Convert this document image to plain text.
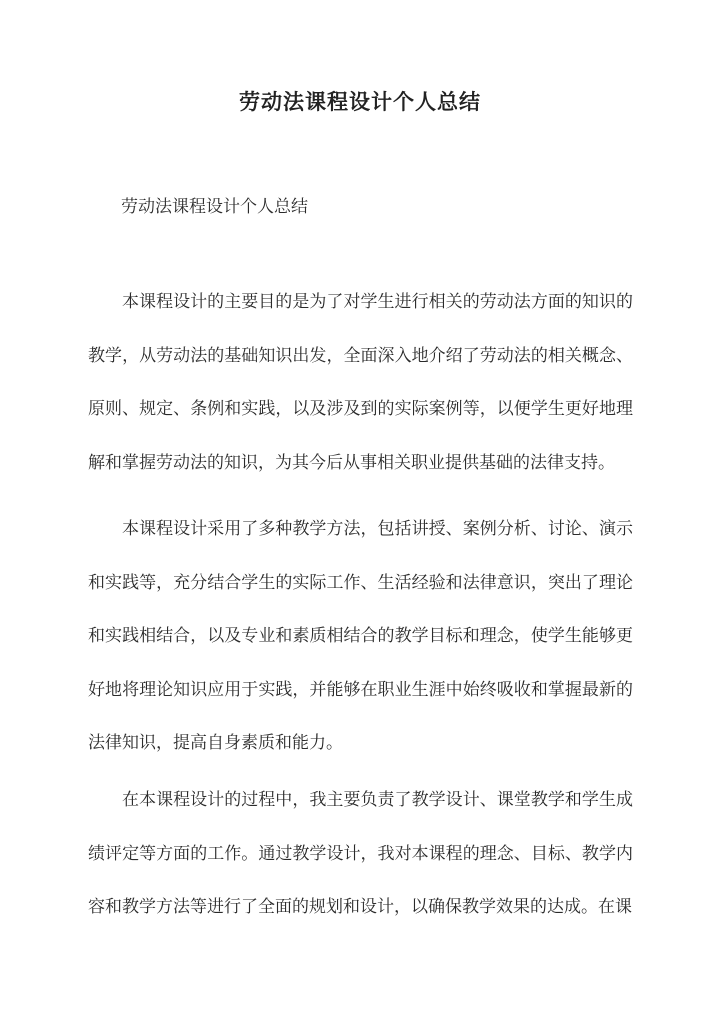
劳动法课程设计个人总结
劳动法课程设计个人总结
本课程设计的主要目的是为了对学生进行相关的劳动法方面的知识的教学，从劳动法的基础知识出发，全面深入地介绍了劳动法的相关概念、原则、规定、条例和实践，以及涉及到的实际案例等，以便学生更好地理解和掌握劳动法的知识，为其今后从事相关职业提供基础的法律支持。
本课程设计采用了多种教学方法，包括讲授、案例分析、讨论、演示和实践等，充分结合学生的实际工作、生活经验和法律意识，突出了理论和实践相结合，以及专业和素质相结合的教学目标和理念，使学生能够更好地将理论知识应用于实践，并能够在职业生涯中始终吸收和掌握最新的法律知识，提高自身素质和能力。
在本课程设计的过程中，我主要负责了教学设计、课堂教学和学生成绩评定等方面的工作。通过教学设计，我对本课程的理念、目标、教学内容和教学方法等进行了全面的规划和设计，以确保教学效果的达成。在课
